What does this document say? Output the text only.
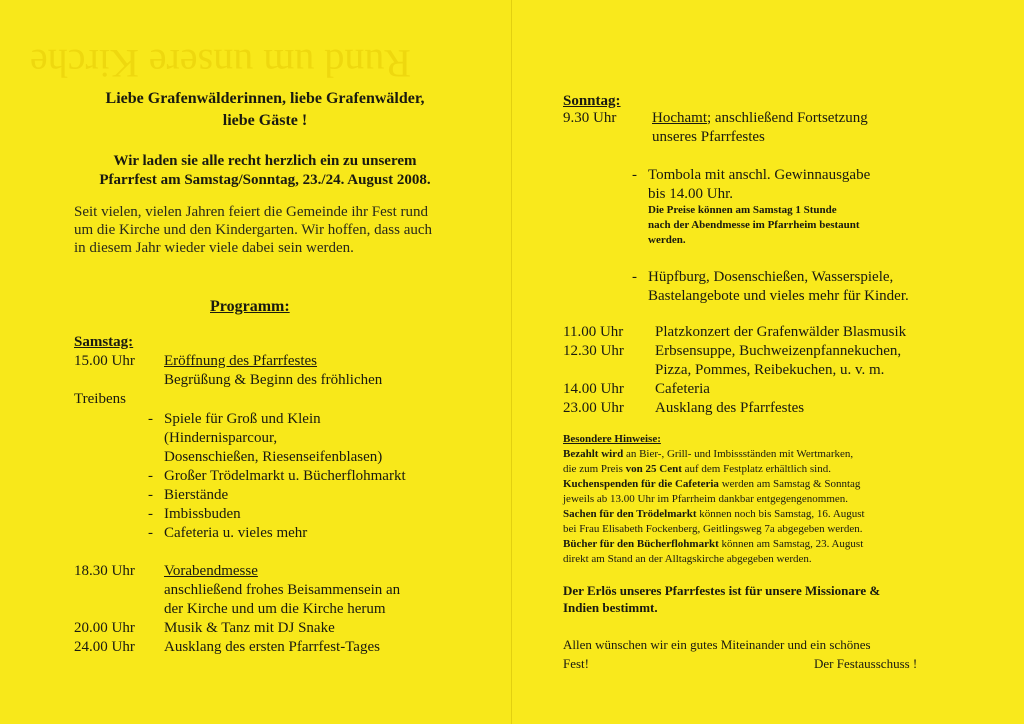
Rund um unsere Kirche
Liebe Grafenwälderinnen, liebe Grafenwälder,
liebe Gäste !
Wir laden sie alle recht herzlich ein zu unserem
Pfarrfest am Samstag/Sonntag, 23./24. August 2008.
Seit vielen, vielen Jahren feiert die Gemeinde ihr Fest rund um die Kirche und den Kindergarten. Wir hoffen, dass auch in diesem Jahr wieder viele dabei sein werden.
Programm:
Samstag:
15.00 Uhr Eröffnung des Pfarrfestes
Begrüßung & Beginn des fröhlichen
Treibens
- Spiele für Groß und Klein
(Hindernisparcour,
Dosenschießen, Riesenseifenblasen)
- Großer Trödelmarkt u. Bücherflohmarkt
- Bierstände
- Imbissbuden
- Cafeteria u. vieles mehr
18.30 Uhr Vorabendmesse
anschließend frohes Beisammensein an
der Kirche und um die Kirche herum
20.00 Uhr Musik & Tanz mit DJ Snake
24.00 Uhr Ausklang des ersten Pfarrfest-Tages
Sonntag:
9.30 Uhr Hochamt; anschließend Fortsetzung
unseres Pfarrfestes
- Tombola mit anschl. Gewinnausgabe
bis 14.00 Uhr.
Die Preise können am Samstag 1 Stunde
nach der Abendmesse im Pfarrheim bestaunt
werden.
- Hüpfburg, Dosenschießen, Wasserspiele,
Bastelangebote und vieles mehr für Kinder.
11.00 Uhr Platzkonzert der Grafenwälder Blasmusik
12.30 Uhr Erbsensuppe, Buchweizenpfannekuchen,
Pizza, Pommes, Reibekuchen, u. v. m.
14.00 Uhr Cafeteria
23.00 Uhr Ausklang des Pfarrfestes
Besondere Hinweise:
Bezahlt wird an Bier-, Grill- und Imbissständen mit Wertmarken,
die zum Preis von 25 Cent auf dem Festplatz erhältlich sind.
Kuchenspenden für die Cafeteria werden am Samstag & Sonntag
jeweils ab 13.00 Uhr im Pfarrheim dankbar entgegengenommen.
Sachen für den Trödelmarkt können noch bis Samstag, 16. August
bei Frau Elisabeth Fockenberg, Geitlingsweg 7a abgegeben werden.
Bücher für den Bücherflohmarkt können am Samstag, 23. August
direkt am Stand an der Alltagskirche abgegeben werden.
Der Erlös unseres Pfarrfestes ist für unsere Missionare &
Indien bestimmt.
Allen wünschen wir ein gutes Miteinander und ein schönes
Fest!	Der Festausschuss !
